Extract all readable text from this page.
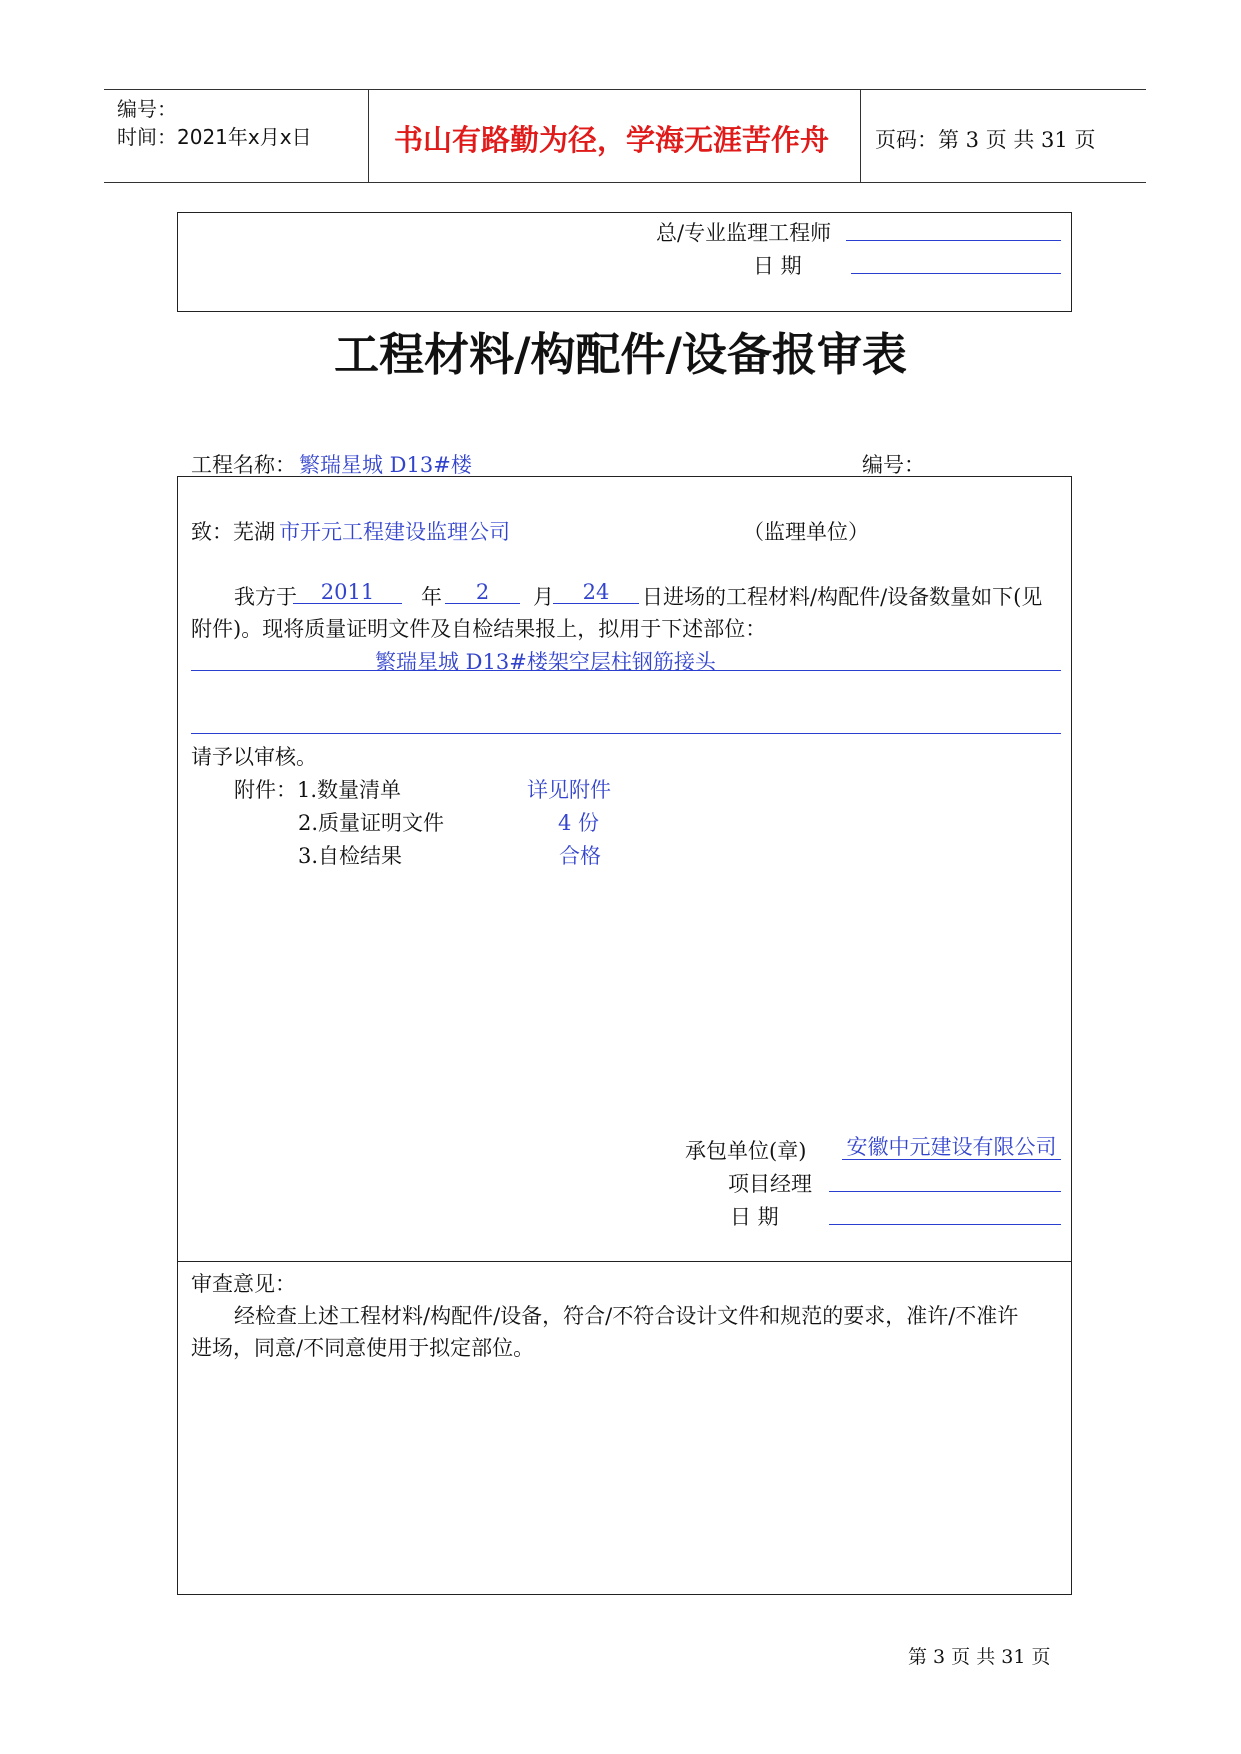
编号：
时间：2021年x月x日	书山有路勤为径，学海无涯苦作舟 页码：第 3 页 共 31 页
总/专业监理工程师
日 期
工程材料/构配件/设备报审表
工程名称： 繁瑞星城 D13#楼	编号：
致：芜湖 市开元工程建设监理公司	（监理单位）
我方于	2011	年	2	月	24	日进场的工程材料/构配件/设备数量如下(见
附件)。现将质量证明文件及自检结果报上，拟用于下述部位：
繁瑞星城 D13#楼架空层柱钢筋接头
请予以审核。
附件：1.数量清单	详见附件
2.质量证明文件	4 份
3.自检结果	合格
承包单位(章) 安徽中元建设有限公司
项目经理
日 期
审查意见：
经检查上述工程材料/构配件/设备，符合/不符合设计文件和规范的要求，准许/不准许
进场，同意/不同意使用于拟定部位。
第 3 页 共 31 页
